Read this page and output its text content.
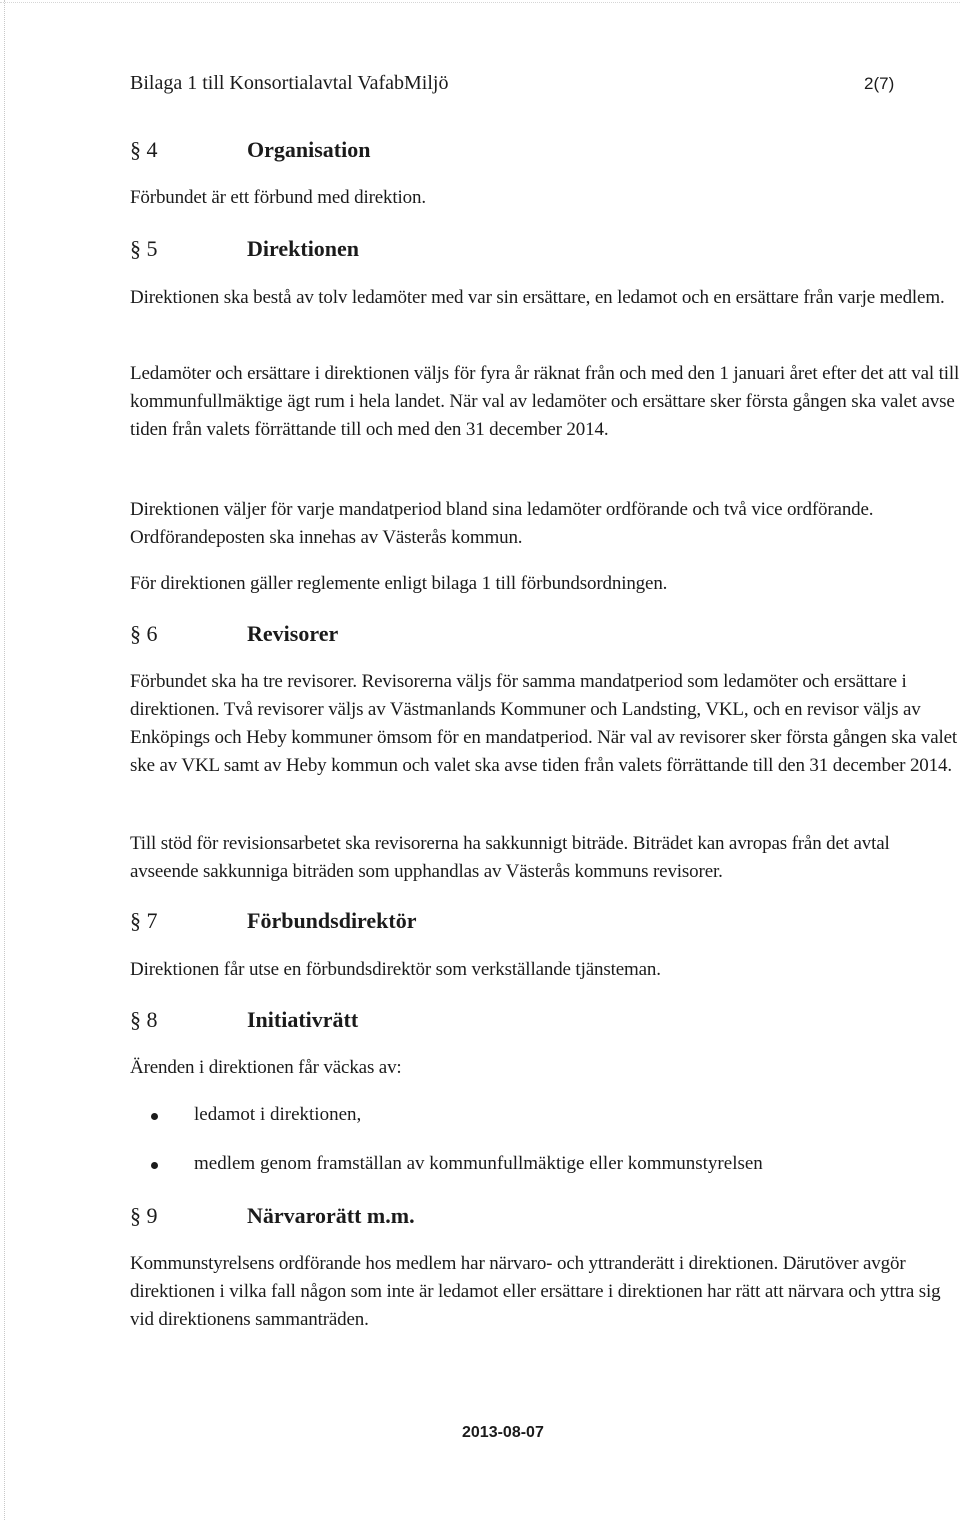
Bilaga 1 till Konsortialavtal VafabMiljö	2(7)
§ 4	Organisation

Förbundet är ett förbund med direktion.

§ 5	Direktionen

Direktionen ska bestå av tolv ledamöter med var sin ersättare, en ledamot och en ersättare från varje medlem.

Ledamöter och ersättare i direktionen väljs för fyra år räknat från och med den 1 januari året efter det att val till kommunfullmäktige ägt rum i hela landet. När val av ledamöter och ersättare sker första gången ska valet avse tiden från valets förrättande till och med den 31 december 2014.

Direktionen väljer för varje mandatperiod bland sina ledamöter ordförande och två vice ordförande. Ordförandeposten ska innehas av Västerås kommun.

För direktionen gäller reglemente enligt bilaga 1 till förbundsordningen.

§ 6	Revisorer

Förbundet ska ha tre revisorer. Revisorerna väljs för samma mandatperiod som ledamöter och ersättare i direktionen. Två revisorer väljs av Västmanlands Kommuner och Landsting, VKL, och en revisor väljs av Enköpings och Heby kommuner ömsom för en mandatperiod. När val av revisorer sker första gången ska valet ske av VKL samt av Heby kommun och valet ska avse tiden från valets förrättande till den 31 december 2014.

Till stöd för revisionsarbetet ska revisorerna ha sakkunnigt biträde. Biträdet kan avropas från det avtal avseende sakkunniga biträden som upphandlas av Västerås kommuns revisorer.

§ 7	Förbundsdirektör

Direktionen får utse en förbundsdirektör som verkställande tjänsteman.

§ 8	Initiativrätt

Ärenden i direktionen får väckas av:

ledamot i direktionen,
medlem genom framställan av kommunfullmäktige eller kommunstyrelsen
§ 9	Närvarorätt m.m.

Kommunstyrelsens ordförande hos medlem har närvaro- och yttranderätt i direktionen. Därutöver avgör direktionen i vilka fall någon som inte är ledamot eller ersättare i direktionen har rätt att närvara och yttra sig vid direktionens sammanträden.

2013-08-07
